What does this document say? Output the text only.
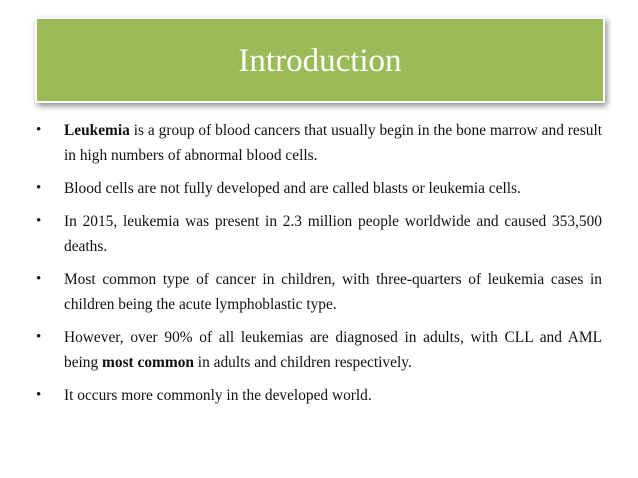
Introduction
• Leukemia is a group of blood cancers that usually begin in the bone marrow and result in high numbers of abnormal blood cells.
• Blood cells are not fully developed and are called blasts or leukemia cells.
• In 2015, leukemia was present in 2.3 million people worldwide and caused 353,500 deaths.
• Most common type of cancer in children, with three-quarters of leukemia cases in children being the acute lymphoblastic type.
• However, over 90% of all leukemias are diagnosed in adults, with CLL and AML being most common in adults and children respectively.
• It occurs more commonly in the developed world.
